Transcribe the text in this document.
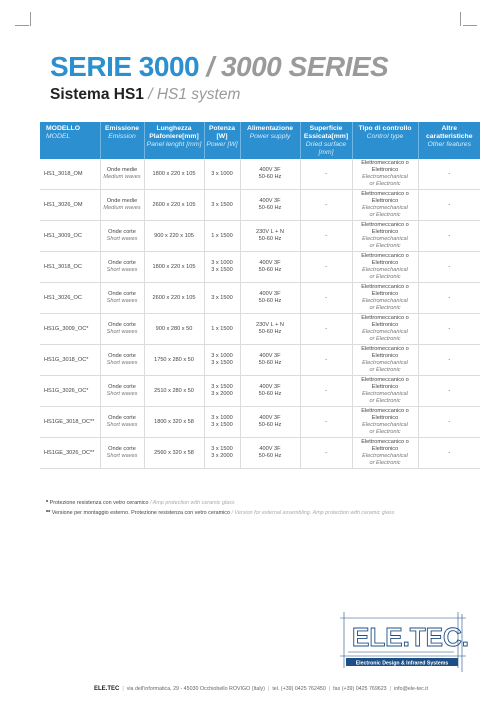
SERIE 3000 / 3000 SERIES
Sistema HS1 / HS1 system
MODELLO
MODEL	Emissione
Emission	Lunghezza Plafoniere[mm]
Panel lenght [mm]	Potenza [W]
Power [W]	Alimentazione
Power supply	Superficie Essicata[mm]
Dried surface [mm]	Tipo di controllo
Control type	Altre caratteristiche
Other features

HS1_3018_OM	Onde medie
Medium waves	1800 x 220 x 105	3 x 1000	400V 3F
50-60 Hz	-	Elettromeccanico o
Elettronico
Electromechanical
or Electronic	-

HS1_3026_OM	Onde medie
Medium waves	2600 x 220 x 105	3 x 1500	400V 3F
50-60 Hz	-	Elettromeccanico o
Elettronico
Electromechanical
or Electronic	-

HS1_3009_OC	Onde corte
Short waves	900 x 220 x 105	1 x 1500	230V L + N
50-60 Hz	-	Elettromeccanico o
Elettronico
Electromechanical
or Electronic	-

HS1_3018_OC	Onde corte
Short waves	1800 x 220 x 105	3 x 1000
3 x 1500	400V 3F
50-60 Hz	-	Elettromeccanico o
Elettronico
Electromechanical
or Electronic	-

HS1_3026_OC	Onde corte
Short waves	2600 x 220 x 105	3 x 1500	400V 3F
50-60 Hz	-	Elettromeccanico o
Elettronico
Electromechanical
or Electronic	-

HS1G_3009_OC*	Onde corte
Short waves	900 x 280 x 50	1 x 1500	230V L + N
50-60 Hz	-	Elettromeccanico o
Elettronico
Electromechanical
or Electronic	-

HS1G_3018_OC*	Onde corte
Short waves	1750 x 280 x 50	3 x 1000
3 x 1500	400V 3F
50-60 Hz	-	Elettromeccanico o
Elettronico
Electromechanical
or Electronic	-

HS1G_3026_OC*	Onde corte
Short waves	2510 x 280 x 50	3 x 1500
3 x 2000	400V 3F
50-60 Hz	-	Elettromeccanico o
Elettronico
Electromechanical
or Electronic	-

HS1GE_3018_OC**	Onde corte
Short waves	1800 x 320 x 58	3 x 1000
3 x 1500	400V 3F
50-60 Hz	-	Elettromeccanico o
Elettronico
Electromechanical
or Electronic	-

HS1GE_3026_OC**	Onde corte
Short waves	2560 x 320 x 58	3 x 1500
3 x 2000	400V 3F
50-60 Hz	-	Elettromeccanico o
Elettronico
Electromechanical
or Electronic	-
* Protezione resistenza con vetro ceramico / Amp protection with ceramic glass
** Versione per montaggio esterno. Protezione resistenza con vetro ceramico / Version for external assembling. Amp protection with ceramic glass
ELE.TEC.
Electronic Design & Infrared Systems
ELE.TEC | via dell'informatica, 29 - 45030 Occhiobello ROVIGO (Italy) | tel. (+39) 0425 762450 | fax (+39) 0425 769623 | info@ele-tec.it
